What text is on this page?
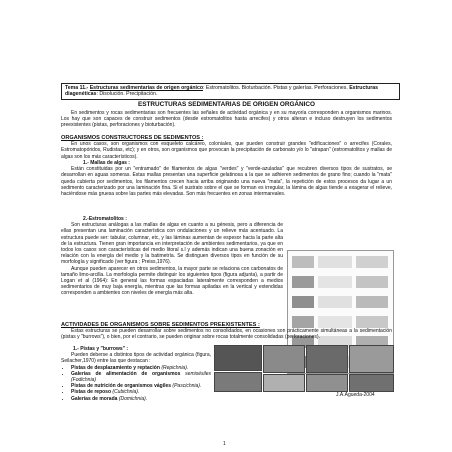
Tema 11.- Estructuras sedimentarias de origen orgánico: Estromatolitos. Bioturbación. Pistas y galerías. Perforaciones. Estructuras diagenéticas: Disolución. Precipitación.
ESTRUCTURAS SEDIMENTARIAS DE ORIGEN ORGÁNICO
En sedimentos y rocas sedimentarias son frecuentes las señales de actividad orgánica y en su mayoría corresponden a organismos marinos. Los hay que son capaces de construir sedimentos (desde estromatolitos hasta arrecifes) y otros alteran e incluso destruyen los sedimentos preexistentes (pistas, perforaciones y bioturbación).
ORGANISMOS CONSTRUCTORES DE SEDIMENTOS :
En unos casos, son organismos con esqueleto calcáreo, coloniales, que pueden construir grandes "edificaciones" o arrecifes (Corales, Estromatopóridos, Rudistas, etc); y en otros, son organismos que provocan la precipitación de carbonato y/o lo "atrapan" (estromatolitos y mallas de algas son los más característicos).
1.- Mallas de algas :
Están constituidas por un "entramado" de filamentos de algas "verdes" y "verde-azuladas" que recubren diversos tipos de sustratos, se desarrollan en aguas someras. Estas mallas presentan una superficie gelatinosa a la que se adhieren sedimentos de grano fino; cuando la "mata" queda cubierta por sedimentos, los filamentos crecen hacia arriba originando una nueva "mata", la repetición de estos procesos da lugar a un sedimento caracterizado por una laminación fina. Si el sustrato sobre el que se forman es irregular, la lámina de algas tiende a exagerar el relieve, haciéndose más gruesa sobre las partes más elevadas. Son más frecuentes en zonas intermareales.
2.-Estromatolitos :
Son estructuras análogas a las mallas de algas en cuanto a su génesis, pero a diferencia de ellas presentan una laminación característica con ondulaciones y un relieve más acentuado. La estructura puede ser: tabular, columnar, etc, y las láminas aumentan de espesor hacia la parte alta de la estructura. Tienen gran importancia en interpretación de ambientes sedimentarios, ya que en todos los casos son características del medio litoral s.l y además indican una buena zonación en relación con la energía del medio y la batimetría. Se distinguen diversos tipos en función de su morfología y significado (ver figura ; Preiss,1976).
Aunque pueden aparecer en otros sedimentos, la mayor parte se relaciona con carbonatos de tamaño limo-arcilla. La morfología permite distinguir los siguientes tipos (figura adjunta), a partir de Logan et al (1964): En general las formas espaciadas lateralmente corresponden a medios sedimentarios de muy baja energía, mientras que las formas apiladas en la vertical y extendidas corresponden a ambientes con niveles de energía más alta.
ACTIVIDADES DE ORGANISMOS SOBRE SEDIMENTOS PREEXISTENTES :
Estas estructuras se pueden desarrollar sobre sedimentos no consolidados, en ocasiones son prácticamente simultáneas a la sedimentación (pistas y "burrows"), o bien, por el contrario, se pueden originar sobre rocas totalmente consolidadas (perforaciones).
1.- Pistas y "burrows" :
Pueden deberse a distintos tipos de actividad orgánica (figura, Seilacher,1970) entre las que destacan :
• Pistas de desplazamiento y reptación (Repichnia).
• Galerías de alimentación de organismos semisésiles (Fodichnia)
• Pistas de nutrición de organismos vágiles (Pascichnia).
• Pistas de reposo (Cubichnia).
• Galerías de morada (Domichnia).
J.A.Agueda-2004
1
